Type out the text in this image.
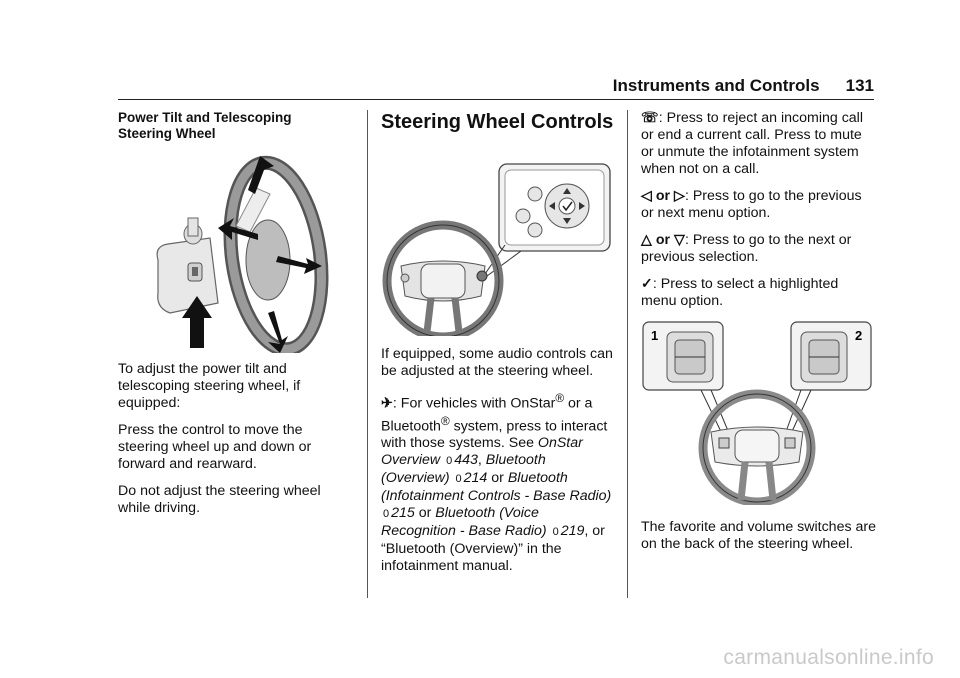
Instruments and Controls 131
Power Tilt and Telescoping
Steering Wheel

To adjust the power tilt and telescoping steering wheel, if equipped:

Press the control to move the steering wheel up and down or forward and rearward.

Do not adjust the steering wheel while driving.

Steering Wheel Controls

If equipped, some audio controls can be adjusted at the steering wheel.

✈: For vehicles with OnStar® or a Bluetooth® system, press to interact with those systems. See OnStar Overview 0 443, Bluetooth (Overview) 0 214 or Bluetooth (Infotainment Controls - Base Radio) 0 215 or Bluetooth (Voice Recognition - Base Radio) 0 219, or “Bluetooth (Overview)” in the infotainment manual.

☏: Press to reject an incoming call or end a current call. Press to mute or unmute the infotainment system when not on a call.

◁ or ▷: Press to go to the previous or next menu option.

△ or ▽: Press to go to the next or previous selection.

✓: Press to select a highlighted menu option.

1	2

The favorite and volume switches are on the back of the steering wheel.

carmanualsonline.info
